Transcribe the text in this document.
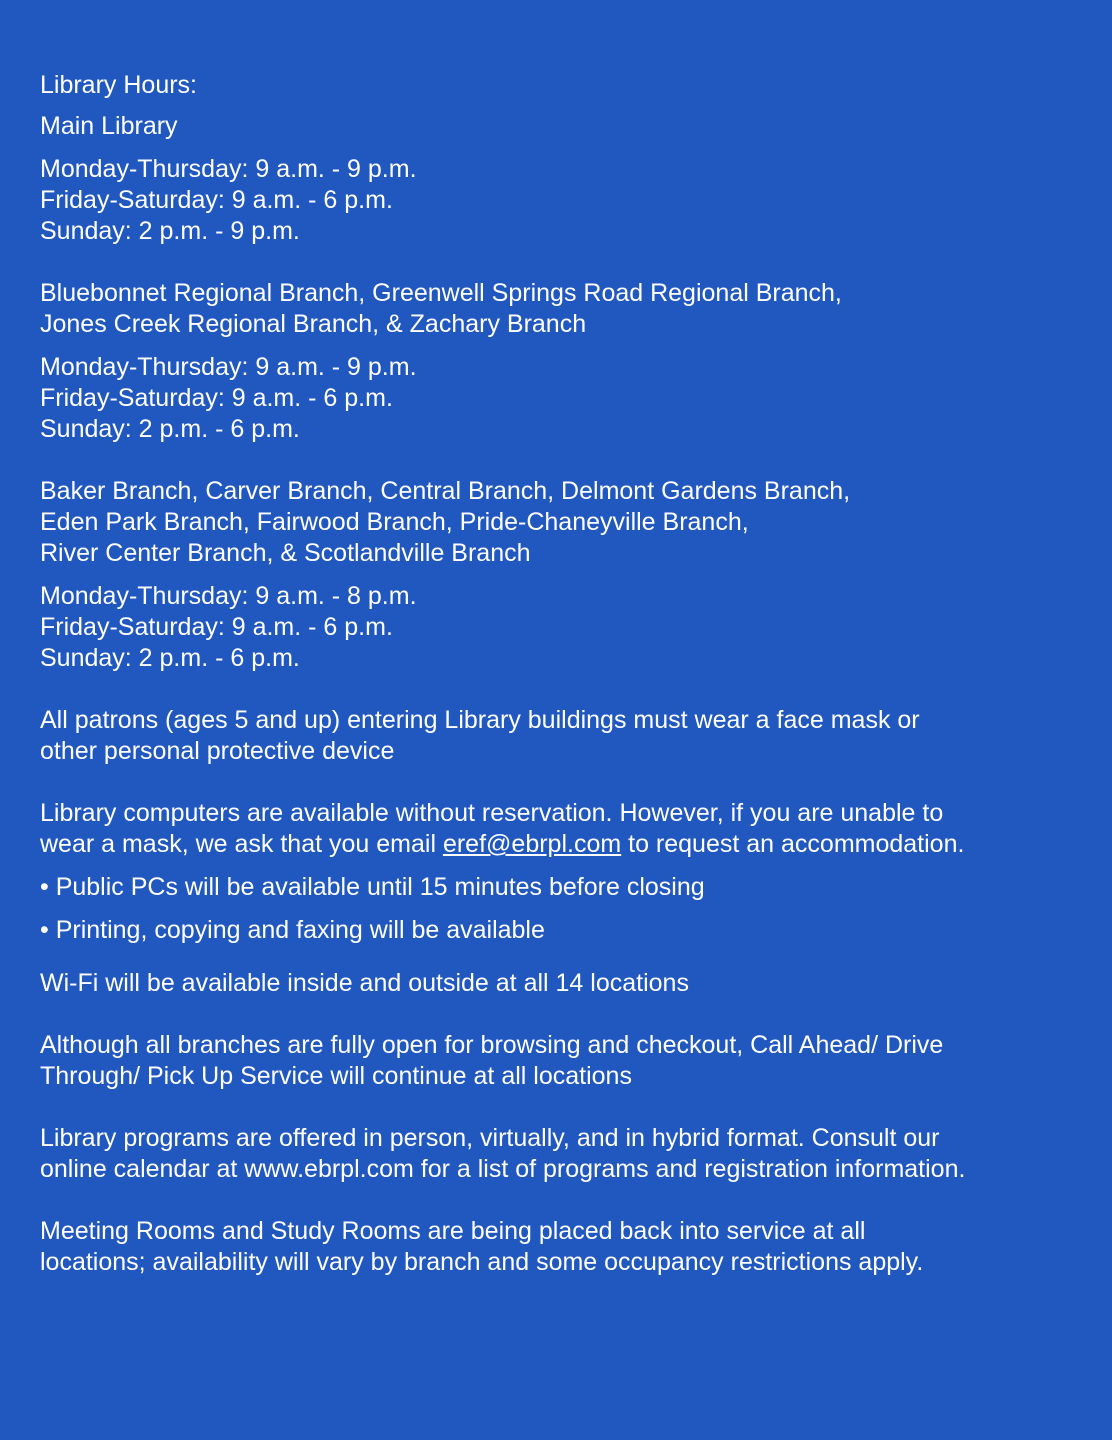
Library Hours:
Main Library
Monday-Thursday: 9 a.m. - 9 p.m.
Friday-Saturday: 9 a.m. - 6 p.m.
Sunday: 2 p.m. - 9 p.m.
Bluebonnet Regional Branch, Greenwell Springs Road Regional Branch,
Jones Creek Regional Branch, & Zachary Branch
Monday-Thursday: 9 a.m. - 9 p.m.
Friday-Saturday: 9 a.m. - 6 p.m.
Sunday: 2 p.m. - 6 p.m.
Baker Branch, Carver Branch, Central Branch, Delmont Gardens Branch,
Eden Park Branch, Fairwood Branch, Pride-Chaneyville Branch,
River Center Branch, & Scotlandville Branch
Monday-Thursday: 9 a.m. - 8 p.m.
Friday-Saturday: 9 a.m. - 6 p.m.
Sunday: 2 p.m. - 6 p.m.
All patrons (ages 5 and up) entering Library buildings must wear a face mask or
other personal protective device
Library computers are available without reservation. However, if you are unable to
wear a mask, we ask that you email eref@ebrpl.com to request an accommodation.
• Public PCs will be available until 15 minutes before closing
• Printing, copying and faxing will be available
Wi-Fi will be available inside and outside at all 14 locations
Although all branches are fully open for browsing and checkout, Call Ahead/ Drive
Through/ Pick Up Service will continue at all locations
Library programs are offered in person, virtually, and in hybrid format. Consult our
online calendar at www.ebrpl.com for a list of programs and registration information.
Meeting Rooms and Study Rooms are being placed back into service at all
locations; availability will vary by branch and some occupancy restrictions apply.
